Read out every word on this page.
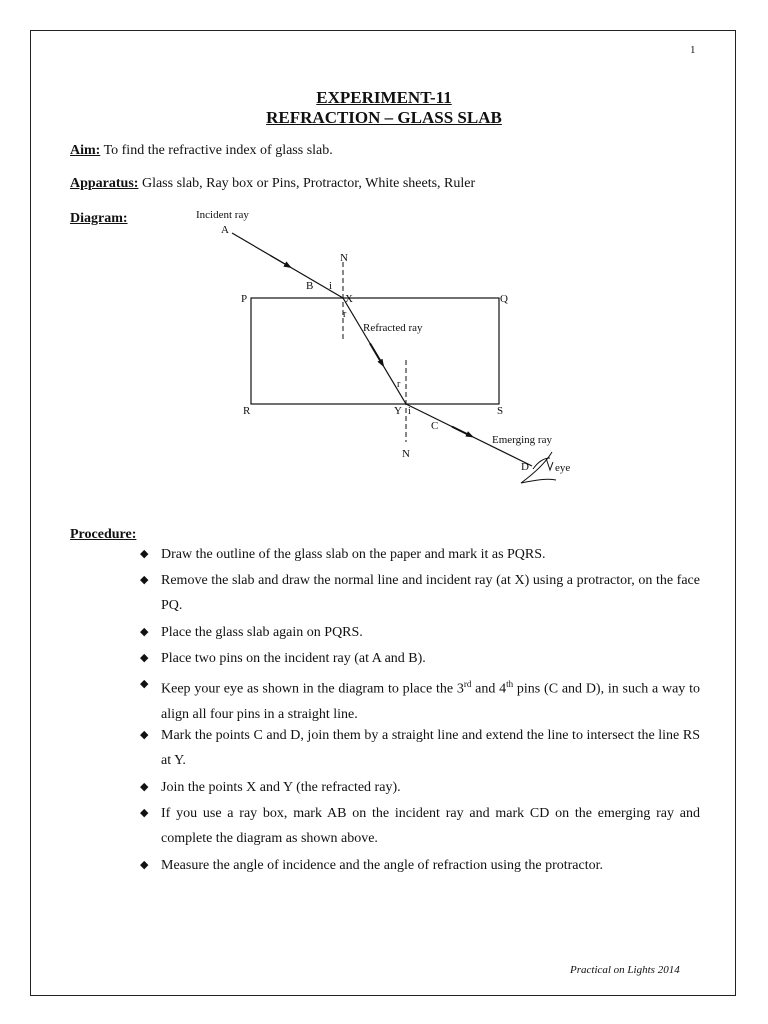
1
EXPERIMENT-11
REFRACTION – GLASS SLAB
Aim: To find the refractive index of glass slab.
Apparatus: Glass slab, Ray box or Pins, Protractor, White sheets, Ruler
Diagram:	Incident ray
A
N
B i
P	X	Q
r
Refracted ray
r
R	Y i	S
C
Emerging ray
N
D eye
Procedure:
◆ Draw the outline of the glass slab on the paper and mark it as PQRS.
◆ Remove the slab and draw the normal line and incident ray (at X) using a protractor, on the face PQ.
◆ Place the glass slab again on PQRS.
◆ Place two pins on the incident ray (at A and B).
◆ Keep your eye as shown in the diagram to place the 3rd and 4th pins (C and D), in such a way to align all four pins in a straight line.
◆ Mark the points C and D, join them by a straight line and extend the line to intersect the line RS at Y.
◆ Join the points X and Y (the refracted ray).
◆ If you use a ray box, mark AB on the incident ray and mark CD on the emerging ray and complete the diagram as shown above.
◆ Measure the angle of incidence and the angle of refraction using the protractor.
Practical on Lights 2014
